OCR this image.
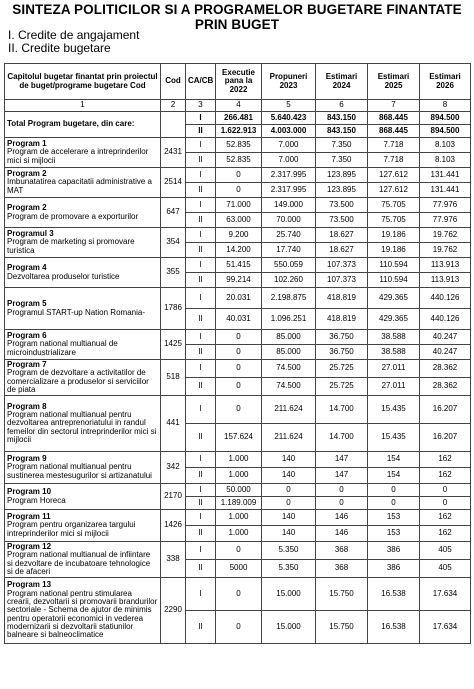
SINTEZA POLITICILOR SI A PROGRAMELOR BUGETARE FINANTATE PRIN BUGET
I. Credite de angajament
II. Credite bugetare
Capitolul bugetar finantat prin proiectul de buget/programe bugetare Cod	Cod	CA/CB	Executie pana la 2022	Propuneri 2023	Estimari 2024	Estimari 2025	Estimari 2026
1	2	3	4	5	6	7	8

Total Program bugetare, din care:		I	266.481	5.640.423	843.150	868.445	894.500
		II	1.622.913	4.003.000	843.150	868.445	894.500

Program 1
Program de accelerare a intreprinderilor mici si mijlocii	2431	I	52.835	7.000	7.350	7.718	8.103
		II	52.835	7.000	7.350	7.718	8.103

Program 2
Imbunatatirea capacitatii administrative a MAT	2514	I	0	2.317.995	123.895	127.612	131.441
		II	0	2.317.995	123.895	127.612	131.441

Program 2
Program de promovare a exporturilor	647	I	71.000	149.000	73.500	75.705	77.976
		II	63.000	70.000	73.500	75.705	77.976

Programul 3
Program de marketing si promovare turistica	354	I	9.200	25.740	18.627	19.186	19.762
		II	14.200	17.740	18.627	19.186	19.762

Program 4
Dezvoltarea produselor turistice	355	I	51.415	550.059	107.373	110.594	113.913
		II	99.214	102.260	107.373	110.594	113.913

Program 5
Programul START-up Nation Romania-	1786	I	20.031	2.198.875	418.819	429.365	440.126
		II	40.031	1.096.251	418.819	429.365	440.126

Program 6
Program national multianual de microindustrializare	1425	I	0	85.000	36.750	38.588	40.247
		II	0	85.000	36.750	38.588	40.247

Program 7
Program de dezvoltare a activitatilor de comercializare a produselor si serviciilor de piata	518	I	0	74.500	25.725	27.011	28.362
		II	0	74.500	25.725	27.011	28.362

Program 8
Program national multianual pentru dezvoltarea antreprenoriatului in randul femeilor din sectorul intreprinderilor mici si mijlocii	441	I	0	211.624	14.700	15.435	16.207
		II	157.624	211.624	14.700	15.435	16.207

Program 9
Program national multianual pentru sustinerea mestesugurilor si artizanatului	342	I	1.000	140	147	154	162
		II	1.000	140	147	154	162

Program 10
Program Horeca	2170	I	50.000	0	0	0	0
		II	1.189.009	0	0	0	0

Program 11
Program pentru organizarea targului intreprinderilor mici si mijlocii	1426	I	1.000	140	146	153	162
		II	1.000	140	146	153	162

Program 12
Program national multianual de infiintare si dezvoltare de incubatoare tehnologice si de afaceri	338	I	0	5.350	368	386	405
		II	5000	5.350	368	386	405

Program 13
Program national pentru stimularea crearii, dezvoltarii si promovarii brandurilor sectoriale - Schema de ajutor de minimis pentru operatorii economici in vederea modernizarii si dezvoltarii statiunilor balneare si balneoclimatice	2290	I	0	15.000	15.750	16.538	17.634
		II	0	15.000	15.750	16.538	17.634
